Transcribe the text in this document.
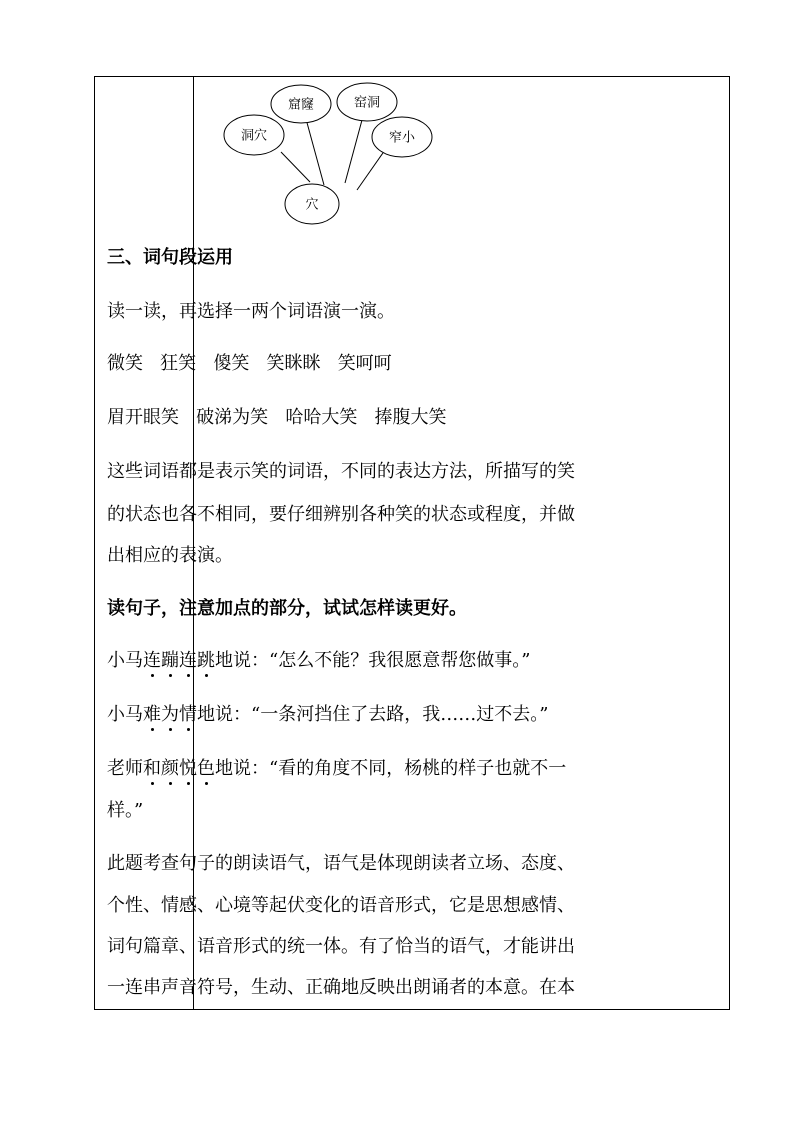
洞穴
窟窿	窑洞
窄小
穴
三、词句段运用
读一读，再选择一两个词语演一演。
微笑 狂笑 傻笑 笑眯眯 笑呵呵
眉开眼笑 破涕为笑 哈哈大笑 捧腹大笑
这些词语都是表示笑的词语，不同的表达方法，所描写的笑
的状态也各不相同，要仔细辨别各种笑的状态或程度，并做
出相应的表演。
读句子，注意加点的部分，试试怎样读更好。
小马连蹦连跳地说：“怎么不能？我很愿意帮您做事。”
小马难为情地说：“一条河挡住了去路，我……过不去。”
老师和颜悦色地说：“看的角度不同，杨桃的样子也就不一
样。”
此题考查句子的朗读语气，语气是体现朗读者立场、态度、
个性、情感、心境等起伏变化的语音形式，它是思想感情、
词句篇章、语音形式的统一体。有了恰当的语气，才能讲出
一连串声音符号，生动、正确地反映出朗诵者的本意。在本
